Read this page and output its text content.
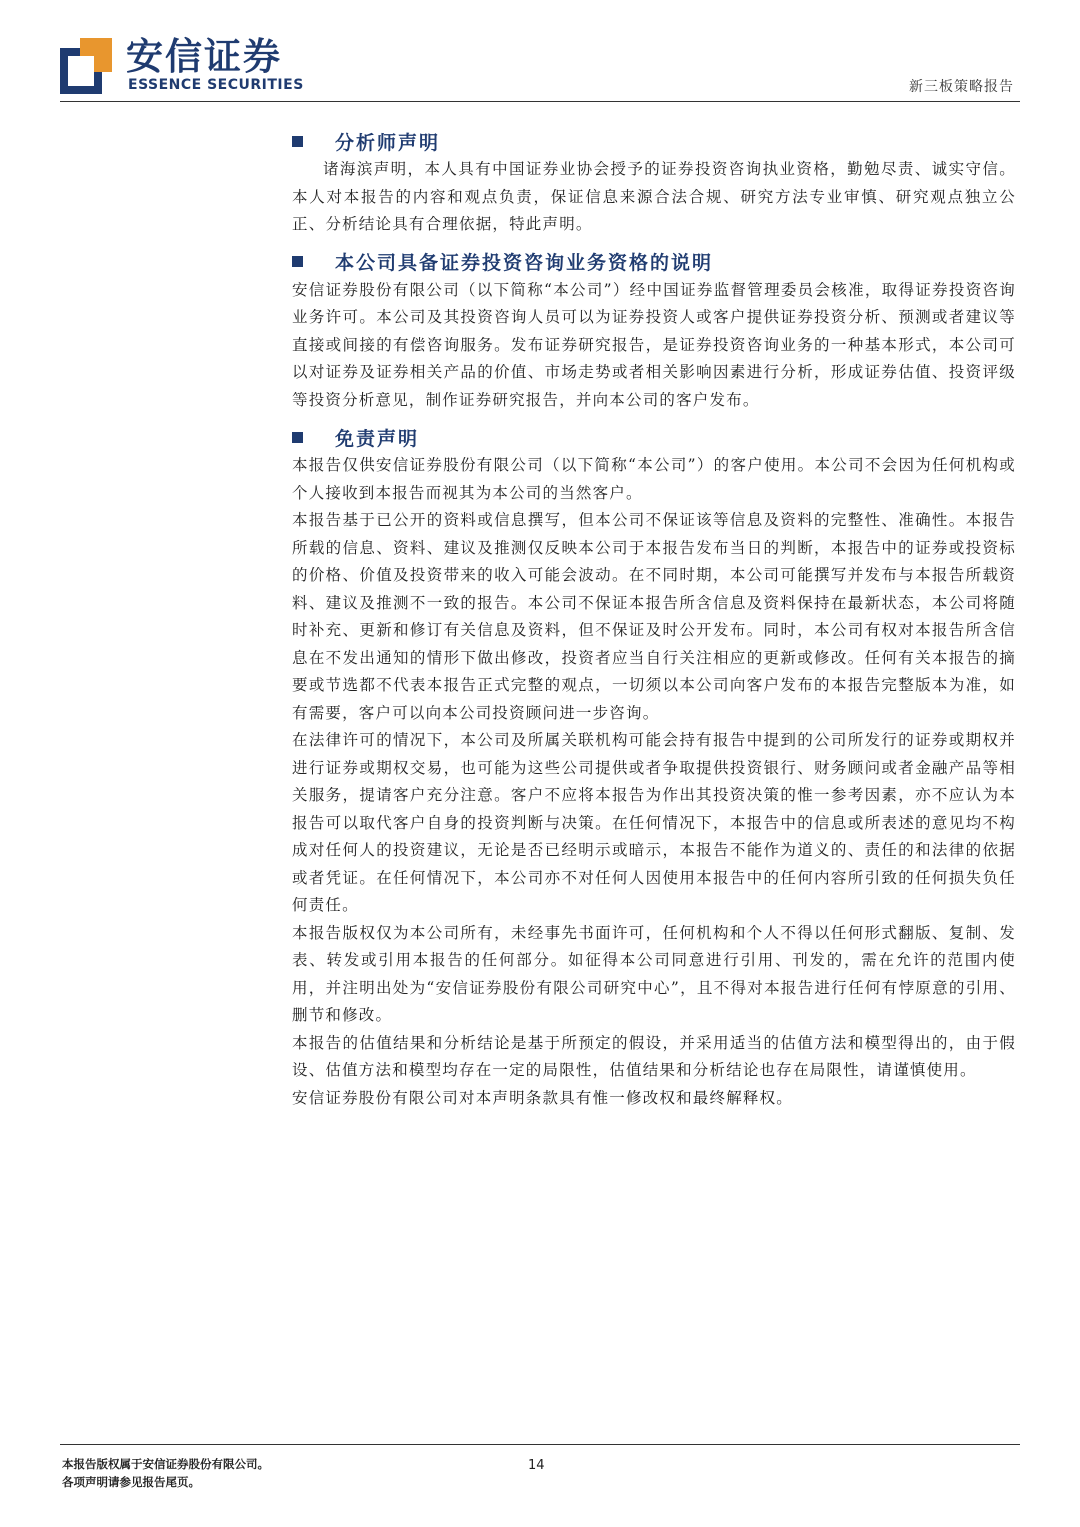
安信证券
ESSENCE SECURITIES	新三板策略报告
分析师声明

诸海滨声明，本人具有中国证券业协会授予的证券投资咨询执业资格，勤勉尽责、诚实守信。本人对本报告的内容和观点负责，保证信息来源合法合规、研究方法专业审慎、研究观点独立公正、分析结论具有合理依据，特此声明。

本公司具备证券投资咨询业务资格的说明

安信证券股份有限公司（以下简称“本公司”）经中国证券监督管理委员会核准，取得证券投资咨询业务许可。本公司及其投资咨询人员可以为证券投资人或客户提供证券投资分析、预测或者建议等直接或间接的有偿咨询服务。发布证券研究报告，是证券投资咨询业务的一种基本形式，本公司可以对证券及证券相关产品的价值、市场走势或者相关影响因素进行分析，形成证券估值、投资评级等投资分析意见，制作证券研究报告，并向本公司的客户发布。

免责声明

本报告仅供安信证券股份有限公司（以下简称“本公司”）的客户使用。本公司不会因为任何机构或个人接收到本报告而视其为本公司的当然客户。

本报告基于已公开的资料或信息撰写，但本公司不保证该等信息及资料的完整性、准确性。本报告所载的信息、资料、建议及推测仅反映本公司于本报告发布当日的判断，本报告中的证券或投资标的价格、价值及投资带来的收入可能会波动。在不同时期，本公司可能撰写并发布与本报告所载资料、建议及推测不一致的报告。本公司不保证本报告所含信息及资料保持在最新状态，本公司将随时补充、更新和修订有关信息及资料，但不保证及时公开发布。同时，本公司有权对本报告所含信息在不发出通知的情形下做出修改，投资者应当自行关注相应的更新或修改。任何有关本报告的摘要或节选都不代表本报告正式完整的观点，一切须以本公司向客户发布的本报告完整版本为准，如有需要，客户可以向本公司投资顾问进一步咨询。

在法律许可的情况下，本公司及所属关联机构可能会持有报告中提到的公司所发行的证券或期权并进行证券或期权交易，也可能为这些公司提供或者争取提供投资银行、财务顾问或者金融产品等相关服务，提请客户充分注意。客户不应将本报告为作出其投资决策的惟一参考因素，亦不应认为本报告可以取代客户自身的投资判断与决策。在任何情况下，本报告中的信息或所表述的意见均不构成对任何人的投资建议，无论是否已经明示或暗示，本报告不能作为道义的、责任的和法律的依据或者凭证。在任何情况下，本公司亦不对任何人因使用本报告中的任何内容所引致的任何损失负任何责任。

本报告版权仅为本公司所有，未经事先书面许可，任何机构和个人不得以任何形式翻版、复制、发表、转发或引用本报告的任何部分。如征得本公司同意进行引用、刊发的，需在允许的范围内使用，并注明出处为“安信证券股份有限公司研究中心”，且不得对本报告进行任何有悖原意的引用、删节和修改。

本报告的估值结果和分析结论是基于所预定的假设，并采用适当的估值方法和模型得出的，由于假设、估值方法和模型均存在一定的局限性，估值结果和分析结论也存在局限性，请谨慎使用。

安信证券股份有限公司对本声明条款具有惟一修改权和最终解释权。

本报告版权属于安信证券股份有限公司。
各项声明请参见报告尾页。
14
